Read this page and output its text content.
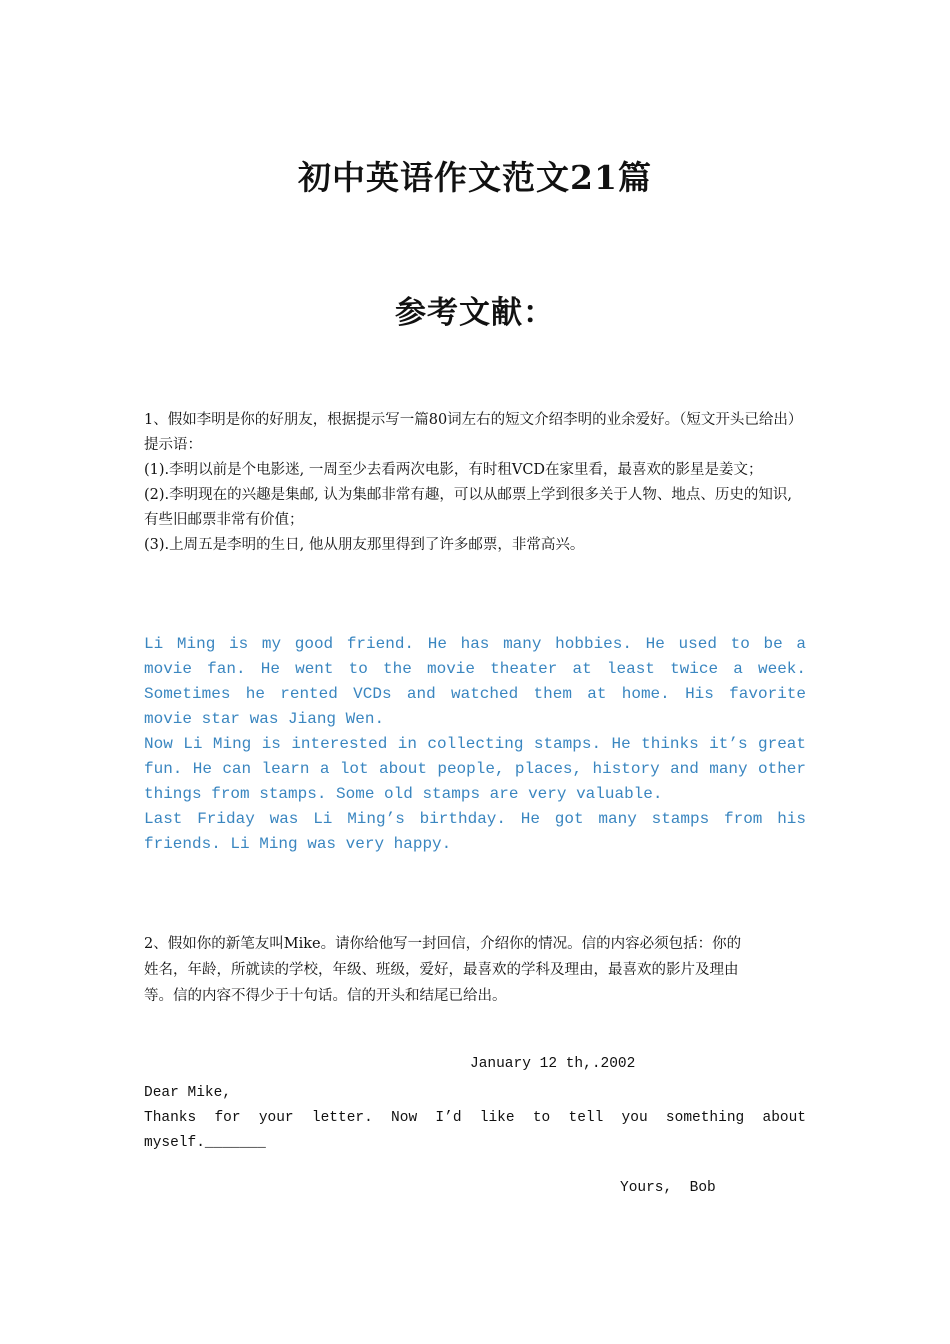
初中英语作文范文21篇
参考文献：

1、假如李明是你的好朋友，根据提示写一篇80词左右的短文介绍李明的业余爱好。（短文开头已给出）

提示语：

(1).李明以前是个电影迷, 一周至少去看两次电影，有时租VCD在家里看，最喜欢的影星是姜文；

(2).李明现在的兴趣是集邮, 认为集邮非常有趣，可以从邮票上学到很多关于人物、地点、历史的知识, 有些旧邮票非常有价值；

(3).上周五是李明的生日, 他从朋友那里得到了许多邮票，非常高兴。

Li Ming is my good friend. He has many hobbies. He used to be a movie fan. He went to the movie theater at least twice a week. Sometimes he rented VCDs and watched them at home. His favorite movie star was Jiang Wen.

Now Li Ming is interested in collecting stamps. He thinks it’s great fun. He can learn a lot about people, places, history and many other things from stamps. Some old stamps are very valuable.

Last Friday was Li Ming’s birthday. He got many stamps from his friends. Li Ming was very happy.

2、假如你的新笔友叫Mike。请你给他写一封回信，介绍你的情况。信的内容必须包括：你的姓名，年龄，所就读的学校，年级、班级，爱好，最喜欢的学科及理由，最喜欢的影片及理由等。信的内容不得少于十句话。信的开头和结尾已给出。
January 12 th,.2002

Dear Mike,

Thanks for your letter. Now I’d like to tell you something about

myself._______

Yours,  Bob
